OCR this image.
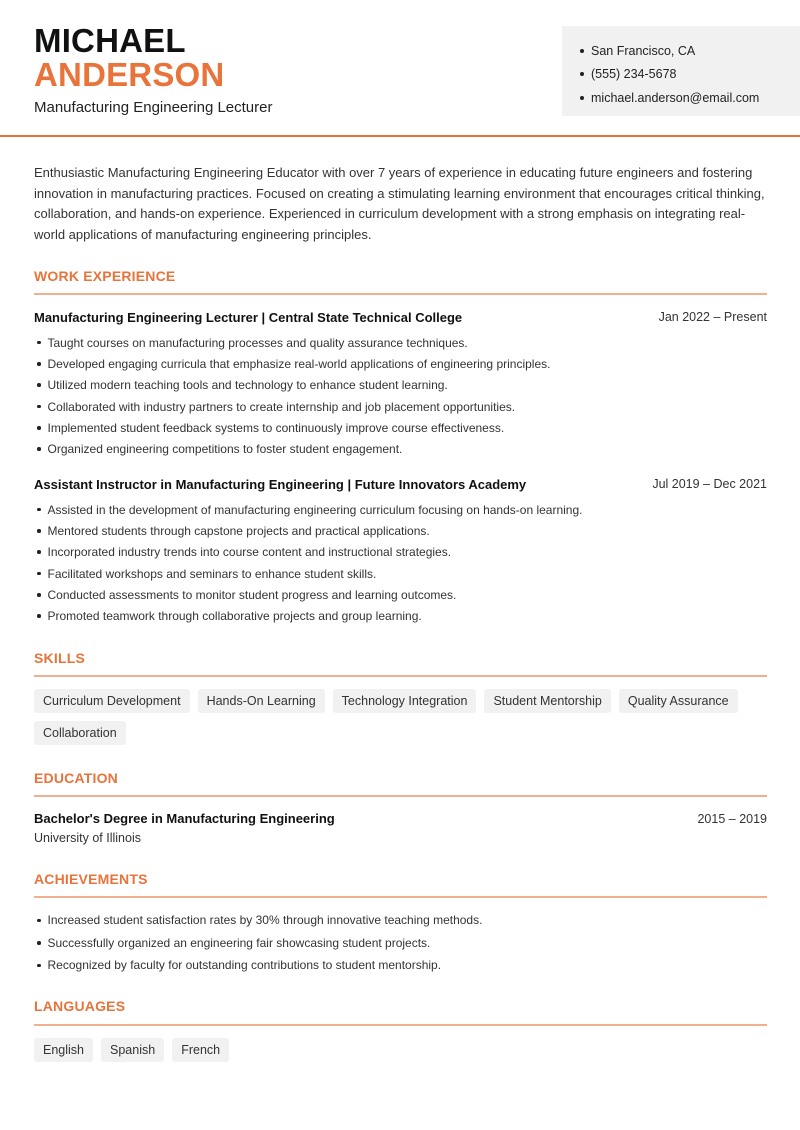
MICHAEL
ANDERSON
Manufacturing Engineering Lecturer
San Francisco, CA
(555) 234-5678
michael.anderson@email.com

Enthusiastic Manufacturing Engineering Educator with over 7 years of experience in educating future engineers and fostering innovation in manufacturing practices. Focused on creating a stimulating learning environment that encourages critical thinking, collaboration, and hands-on experience. Experienced in curriculum development with a strong emphasis on integrating real-world applications of manufacturing engineering principles.

WORK EXPERIENCE
Manufacturing Engineering Lecturer | Central State Technical College	Jan 2022 – Present
Taught courses on manufacturing processes and quality assurance techniques.
Developed engaging curricula that emphasize real-world applications of engineering principles.
Utilized modern teaching tools and technology to enhance student learning.
Collaborated with industry partners to create internship and job placement opportunities.
Implemented student feedback systems to continuously improve course effectiveness.
Organized engineering competitions to foster student engagement.
Assistant Instructor in Manufacturing Engineering | Future Innovators Academy	Jul 2019 – Dec 2021
Assisted in the development of manufacturing engineering curriculum focusing on hands-on learning.
Mentored students through capstone projects and practical applications.
Incorporated industry trends into course content and instructional strategies.
Facilitated workshops and seminars to enhance student skills.
Conducted assessments to monitor student progress and learning outcomes.
Promoted teamwork through collaborative projects and group learning.
SKILLS
Curriculum Development	Hands-On Learning	Technology Integration	Student Mentorship	Quality Assurance
Collaboration
EDUCATION
Bachelor's Degree in Manufacturing Engineering	2015 – 2019
University of Illinois
ACHIEVEMENTS
Increased student satisfaction rates by 30% through innovative teaching methods.
Successfully organized an engineering fair showcasing student projects.
Recognized by faculty for outstanding contributions to student mentorship.
LANGUAGES
English	Spanish	French
